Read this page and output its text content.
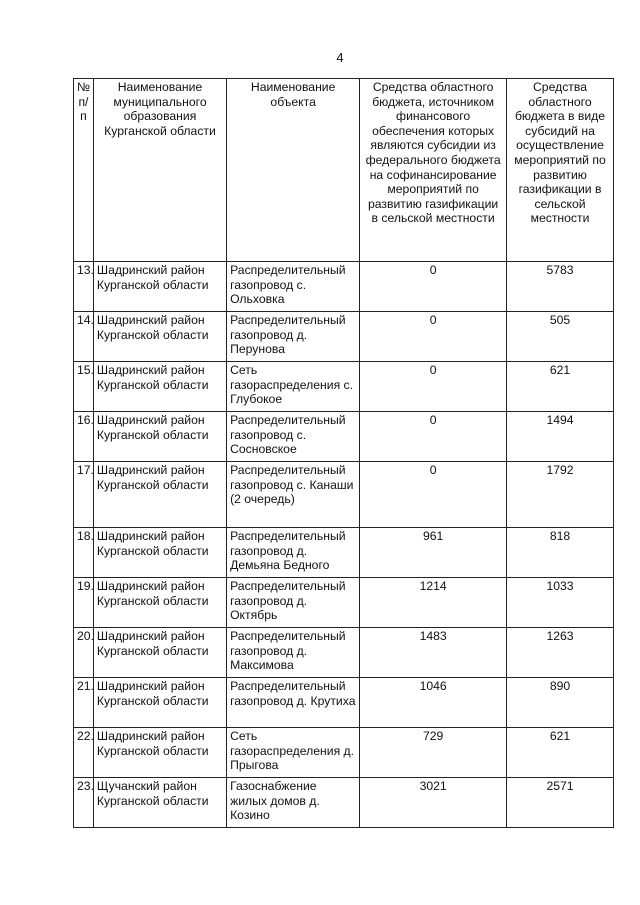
4
№ п/п	Наименование муниципального образования Курганской области	Наименование объекта	Средства областного бюджета, источником финансового обеспечения которых являются субсидии из федерального бюджета на софинансирование мероприятий по развитию газификации в сельской местности	Средства областного бюджета в виде субсидий на осуществление мероприятий по развитию газификации в сельской местности
13.	Шадринский район Курганской области	Распределительный газопровод с. Ольховка	0	5783
14.	Шадринский район Курганской области	Распределительный газопровод д. Перунова	0	505
15.	Шадринский район Курганской области	Сеть газораспределения с. Глубокое	0	621
16.	Шадринский район Курганской области	Распределительный газопровод с. Сосновское	0	1494
17.	Шадринский район Курганской области	Распределительный газопровод с. Канаши (2 очередь)	0	1792
18.	Шадринский район Курганской области	Распределительный газопровод д. Демьяна Бедного	961	818
19.	Шадринский район Курганской области	Распределительный газопровод д. Октябрь	1214	1033
20.	Шадринский район Курганской области	Распределительный газопровод д. Максимова	1483	1263
21.	Шадринский район Курганской области	Распределительный газопровод д. Крутиха	1046	890
22.	Шадринский район Курганской области	Сеть газораспределения д. Прыгова	729	621
23.	Щучанский район Курганской области	Газоснабжение жилых домов д. Козино	3021	2571
